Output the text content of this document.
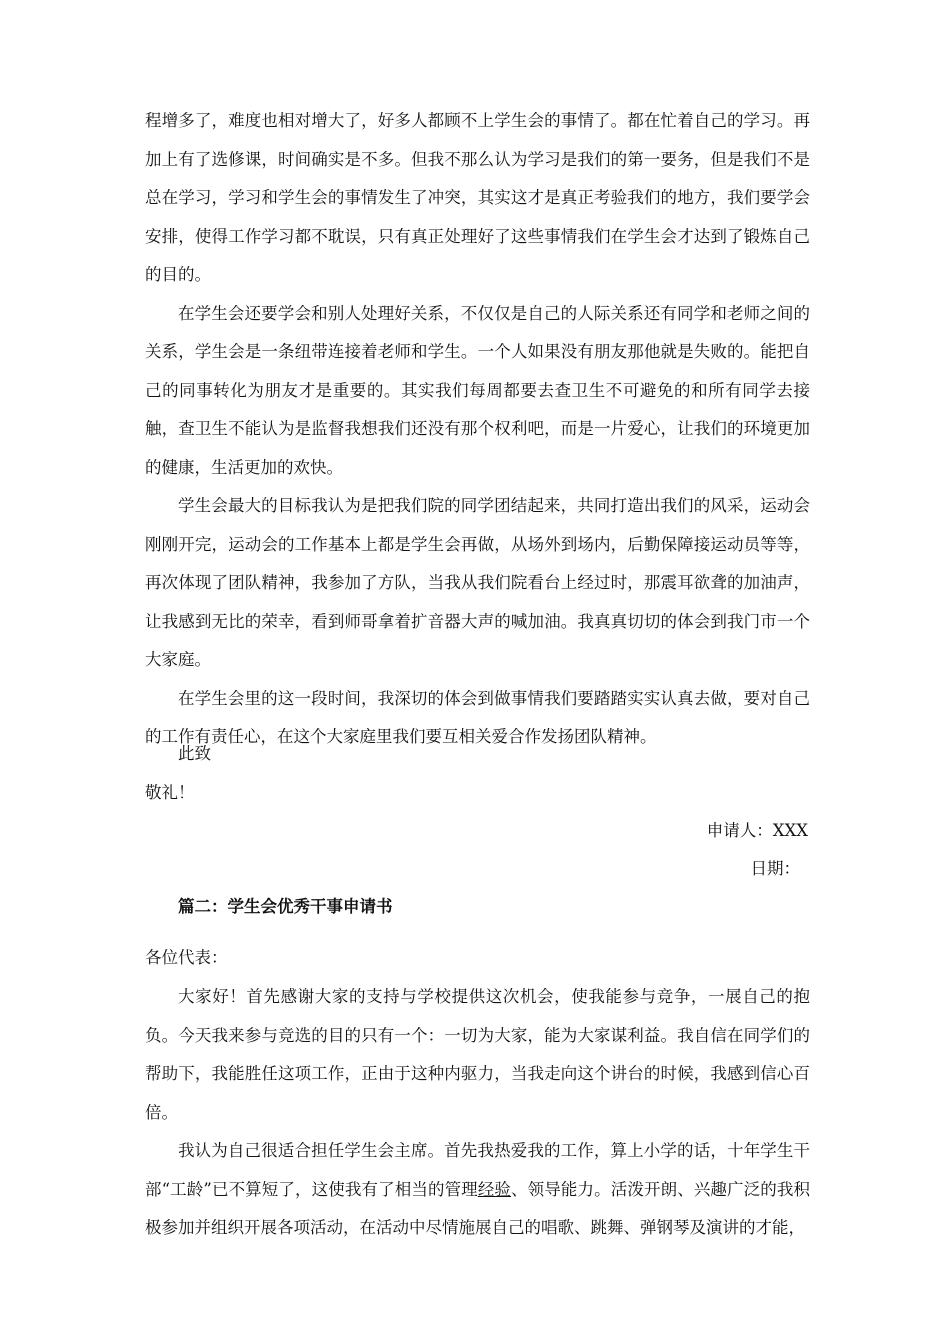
程增多了，难度也相对增大了，好多人都顾不上学生会的事情了。都在忙着自己的学习。再加上有了选修课，时间确实是不多。但我不那么认为学习是我们的第一要务，但是我们不是总在学习，学习和学生会的事情发生了冲突，其实这才是真正考验我们的地方，我们要学会安排，使得工作学习都不耽误，只有真正处理好了这些事情我们在学生会才达到了锻炼自己的目的。

在学生会还要学会和别人处理好关系，不仅仅是自己的人际关系还有同学和老师之间的关系，学生会是一条纽带连接着老师和学生。一个人如果没有朋友那他就是失败的。能把自己的同事转化为朋友才是重要的。其实我们每周都要去查卫生不可避免的和所有同学去接触，查卫生不能认为是监督我想我们还没有那个权利吧，而是一片爱心，让我们的环境更加的健康，生活更加的欢快。

学生会最大的目标我认为是把我们院的同学团结起来，共同打造出我们的风采，运动会刚刚开完，运动会的工作基本上都是学生会再做，从场外到场内，后勤保障接运动员等等，再次体现了团队精神，我参加了方队，当我从我们院看台上经过时，那震耳欲聋的加油声，让我感到无比的荣幸，看到师哥拿着扩音器大声的喊加油。我真真切切的体会到我门市一个大家庭。

在学生会里的这一段时间，我深切的体会到做事情我们要踏踏实实认真去做，要对自己的工作有责任心，在这个大家庭里我们要互相关爱合作发扬团队精神。

此致

敬礼！

申请人：XXX

日期：

篇二：学生会优秀干事申请书

各位代表：

大家好！首先感谢大家的支持与学校提供这次机会，使我能参与竞争，一展自己的抱负。今天我来参与竞选的目的只有一个：一切为大家，能为大家谋利益。我自信在同学们的帮助下，我能胜任这项工作，正由于这种内驱力，当我走向这个讲台的时候，我感到信心百倍。

我认为自己很适合担任学生会主席。首先我热爱我的工作，算上小学的话，十年学生干部“工龄”已不算短了，这使我有了相当的管理经验、领导能力。活泼开朗、兴趣广泛的我积极参加并组织开展各项活动，在活动中尽情施展自己的唱歌、跳舞、弹钢琴及演讲的才能，
